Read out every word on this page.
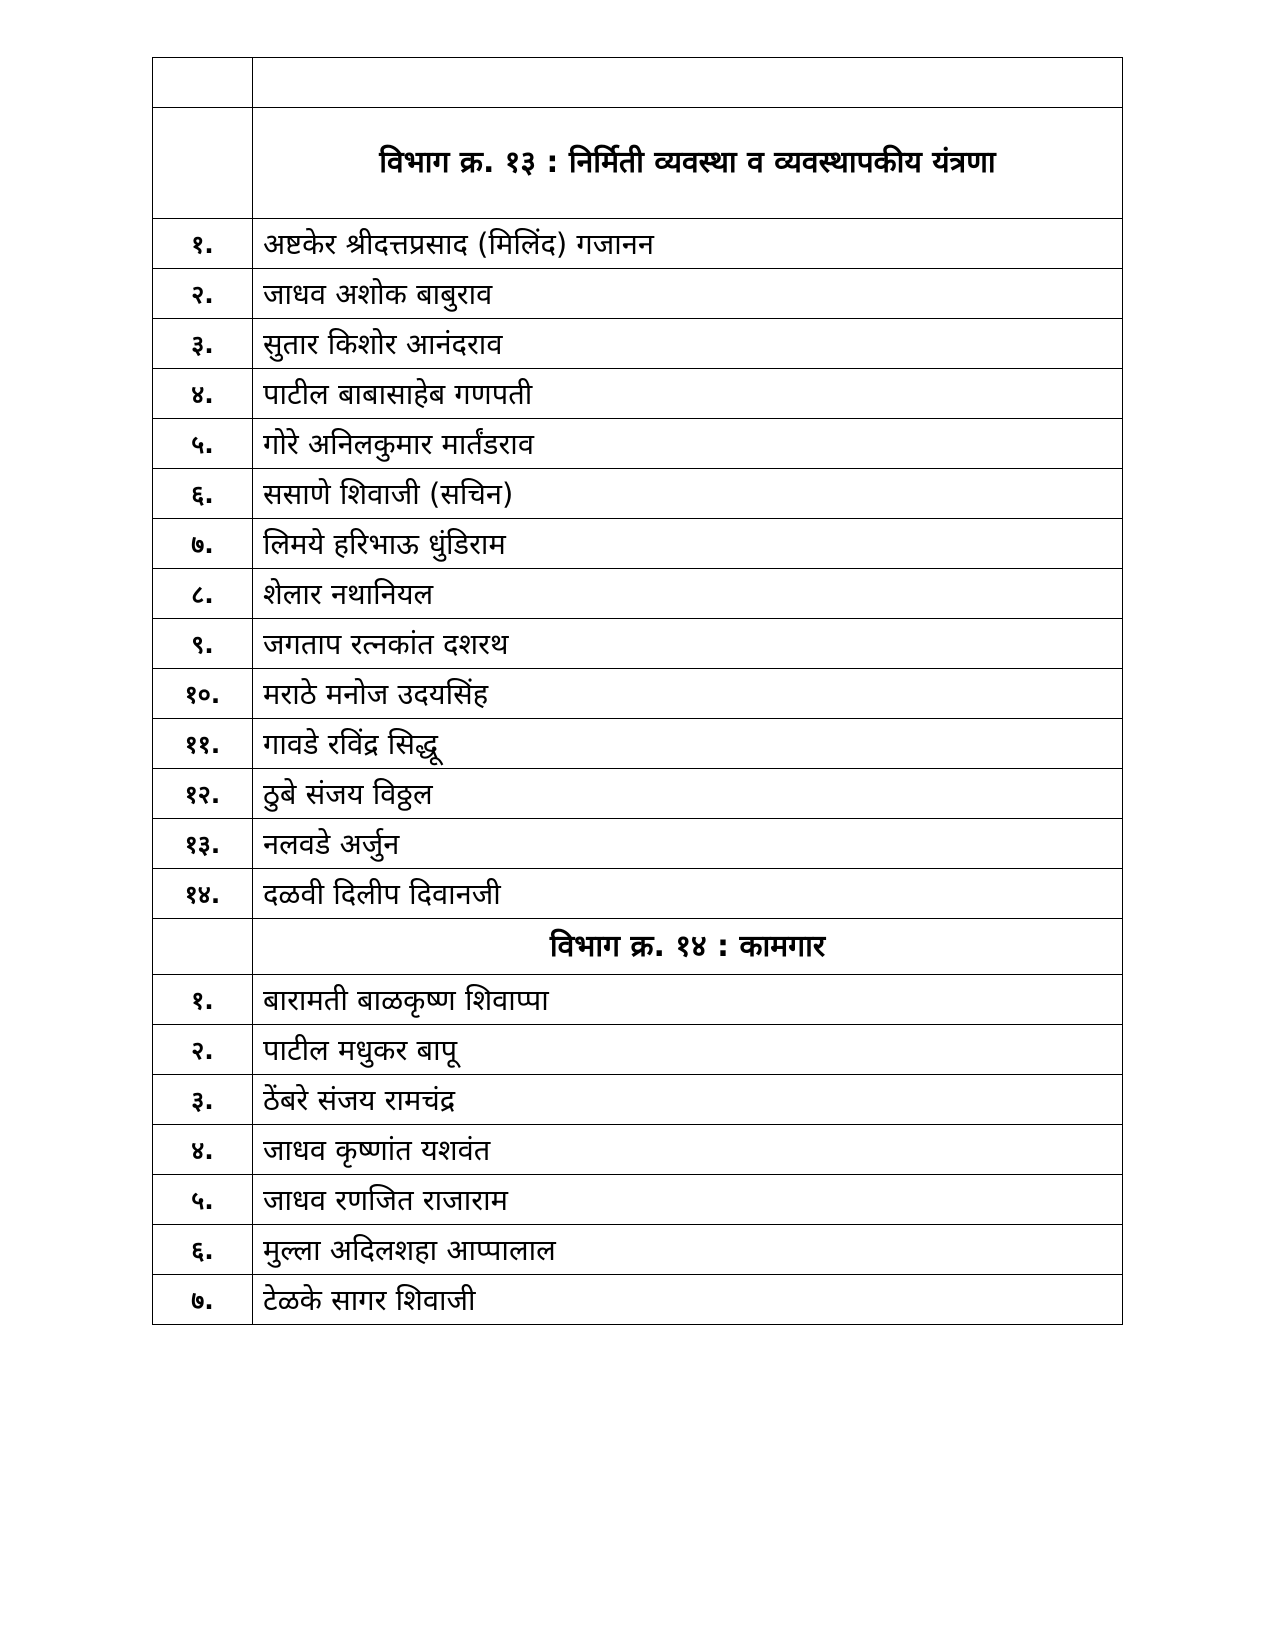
	विभाग क्र. १३ : निर्मिती व्यवस्था व व्यवस्थापकीय यंत्रणा
१.	अष्टकेर श्रीदत्तप्रसाद (मिलिंद) गजानन
२.	जाधव अशोक बाबुराव
३.	सुतार किशोर आनंदराव
४.	पाटील बाबासाहेब गणपती
५.	गोरे अनिलकुमार मार्तंडराव
६.	ससाणे शिवाजी (सचिन)
७.	लिमये हरिभाऊ धुंडिराम
८.	शेलार नथानियल
९.	जगताप रत्नकांत दशरथ
१०.	मराठे मनोज उदयसिंह
११.	गावडे रविंद्र सिद्धू
१२.	ठुबे संजय विठ्ठल
१३.	नलवडे अर्जुन
१४.	दळवी दिलीप दिवानजी
	विभाग क्र. १४ : कामगार
१.	बारामती बाळकृष्ण शिवाप्पा
२.	पाटील मधुकर बापू
३.	ठेंबरे संजय रामचंद्र
४.	जाधव कृष्णांत यशवंत
५.	जाधव रणजित राजाराम
६.	मुल्ला अदिलशहा आप्पालाल
७.	टेळके सागर शिवाजी
